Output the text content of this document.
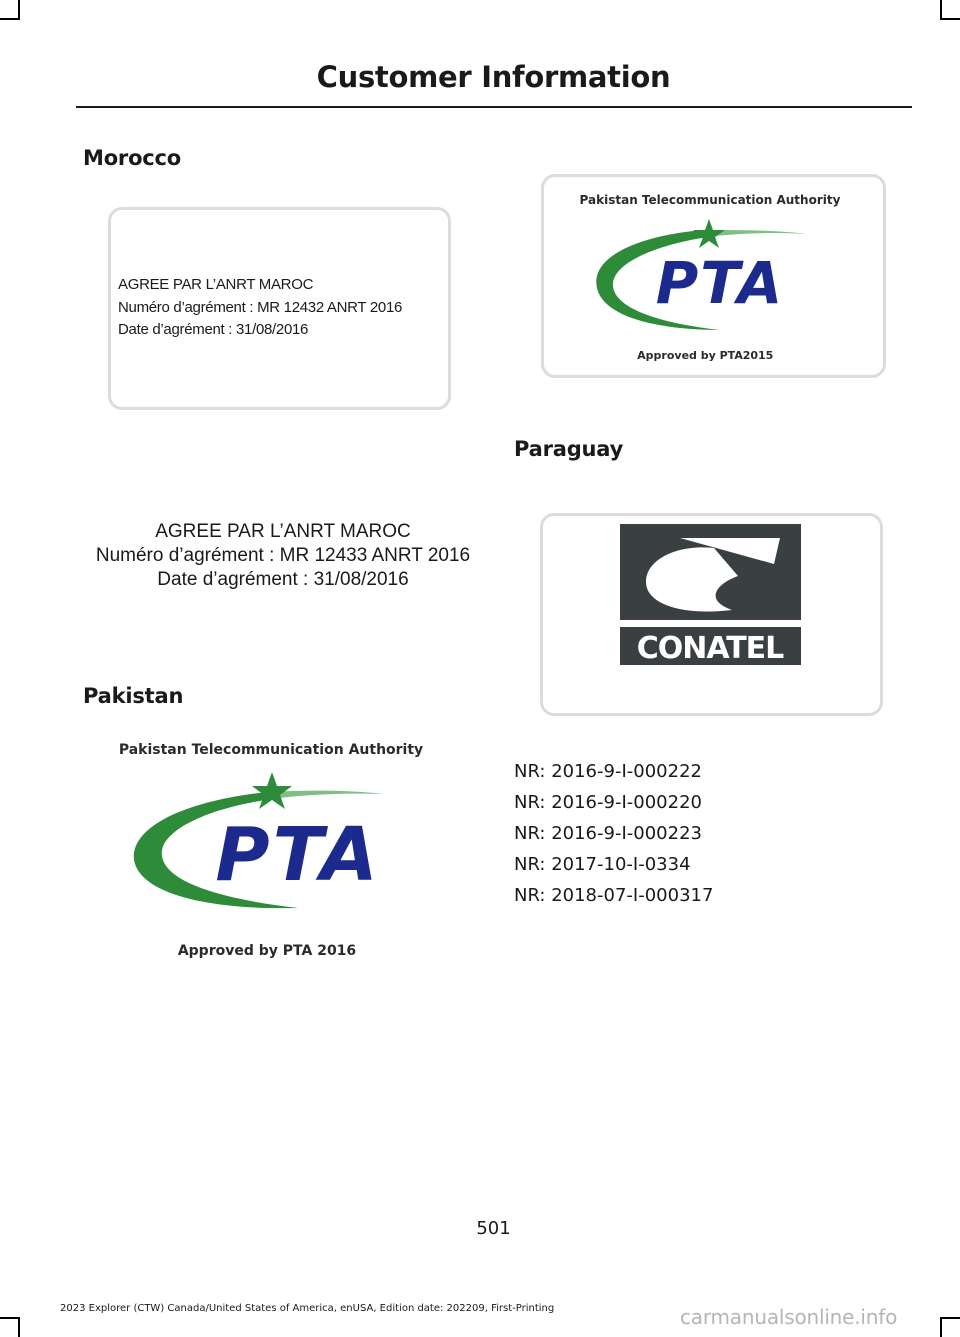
Customer Information
Morocco
AGREE PAR L’ANRT MAROC
Numéro d’agrément : MR 12432 ANRT 2016
Date d’agrément : 31/08/2016
AGREE PAR L’ANRT MAROC
Numéro d’agrément : MR 12433 ANRT 2016
Date d’agrément : 31/08/2016
Pakistan Telecommunication Authority
PTA
Approved by PTA 2015
Paraguay
CONATEL
Pakistan
Pakistan Telecommunication Authority
PTA
Approved by PTA 2016
NR: 2016-9-I-000222
NR: 2016-9-I-000220
NR: 2016-9-I-000223
NR: 2017-10-I-0334
NR: 2018-07-I-000317
501
2023 Explorer (CTW) Canada/United States of America, enUSA, Edition date: 202209, First-Printing	carmanualsonline.info
